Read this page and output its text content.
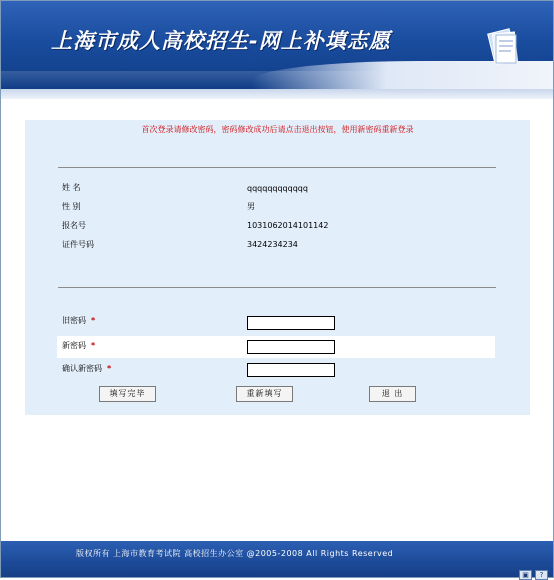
上海市成人高校招生-网上补填志愿
首次登录请修改密码，密码修改成功后请点击退出按钮，使用新密码重新登录
姓 名	qqqqqqqqqqqq
性 别	男
报名号	1031062014101142
证件号码	3424234234
旧密码 *
新密码 *
确认新密码 *
填写完毕	重新填写	退 出
版权所有 上海市教育考试院 高校招生办公室 @2005-2008 All Rights Reserved
▣	?
